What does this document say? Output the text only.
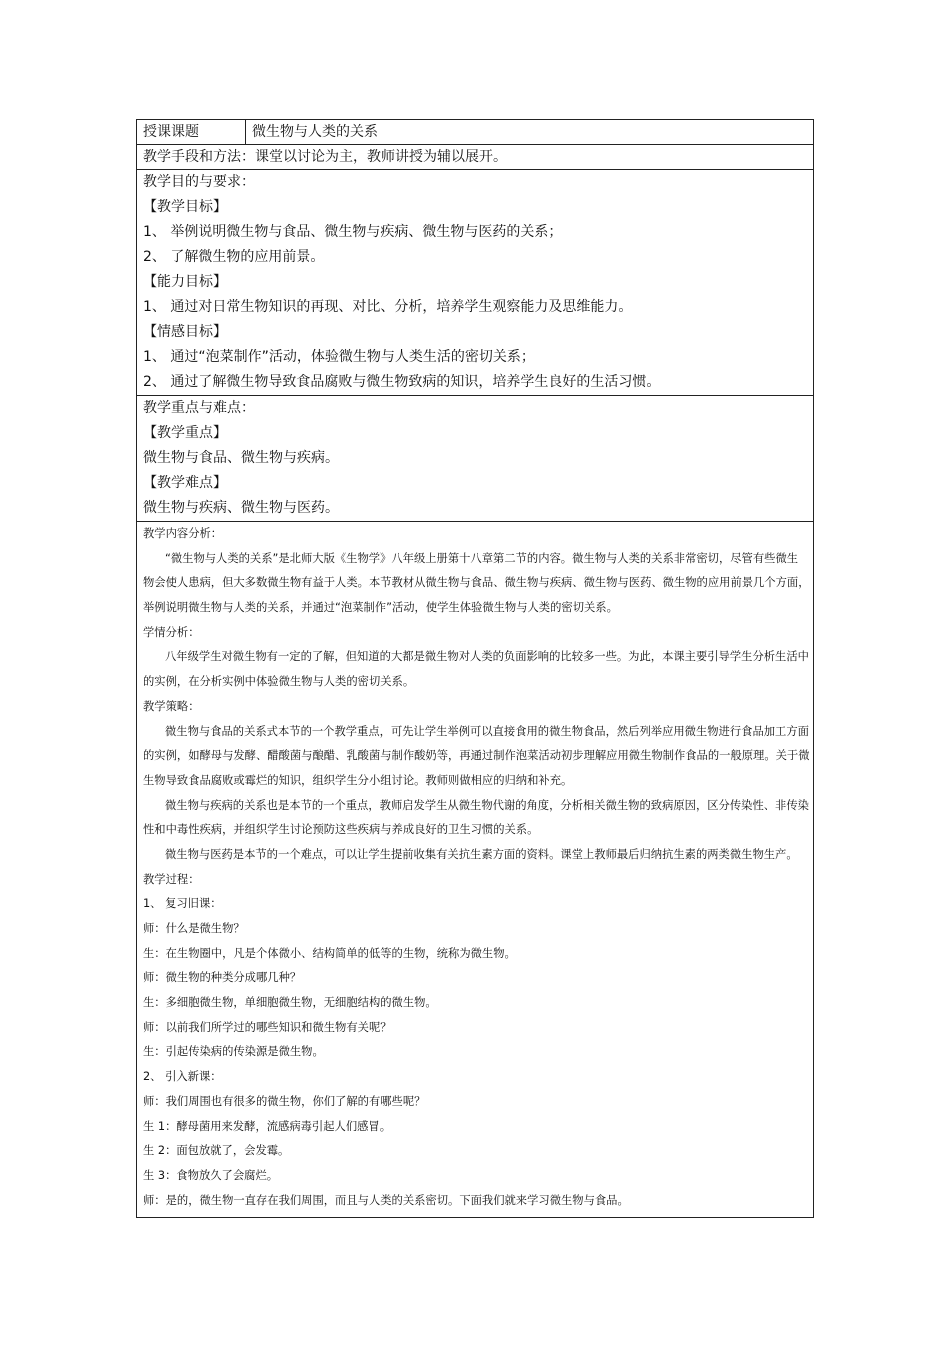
授课课题	微生物与人类的关系
教学手段和方法：课堂以讨论为主，教师讲授为辅以展开。

教学目的与要求：
【教学目标】
1、 举例说明微生物与食品、微生物与疾病、微生物与医药的关系；
2、 了解微生物的应用前景。
【能力目标】
1、 通过对日常生物知识的再现、对比、分析，培养学生观察能力及思维能力。
【情感目标】
1、 通过“泡菜制作”活动，体验微生物与人类生活的密切关系；
2、 通过了解微生物导致食品腐败与微生物致病的知识，培养学生良好的生活习惯。

教学重点与难点：
【教学重点】
微生物与食品、微生物与疾病。
【教学难点】
微生物与疾病、微生物与医药。

教学内容分析：
“微生物与人类的关系”是北师大版《生物学》八年级上册第十八章第二节的内容。微生物与人类的关系非常密切，尽管有些微生
物会使人患病，但大多数微生物有益于人类。本节教材从微生物与食品、微生物与疾病、微生物与医药、微生物的应用前景几个方面，
举例说明微生物与人类的关系，并通过“泡菜制作”活动，使学生体验微生物与人类的密切关系。
学情分析：
八年级学生对微生物有一定的了解，但知道的大都是微生物对人类的负面影响的比较多一些。为此，本课主要引导学生分析生活中
的实例，在分析实例中体验微生物与人类的密切关系。
教学策略：
微生物与食品的关系式本节的一个教学重点，可先让学生举例可以直接食用的微生物食品，然后列举应用微生物进行食品加工方面
的实例，如酵母与发酵、醋酸菌与酿醋、乳酸菌与制作酸奶等，再通过制作泡菜活动初步理解应用微生物制作食品的一般原理。关于微
生物导致食品腐败或霉烂的知识，组织学生分小组讨论。教师则做相应的归纳和补充。
微生物与疾病的关系也是本节的一个重点，教师启发学生从微生物代谢的角度，分析相关微生物的致病原因，区分传染性、非传染
性和中毒性疾病，并组织学生讨论预防这些疾病与养成良好的卫生习惯的关系。
微生物与医药是本节的一个难点，可以让学生提前收集有关抗生素方面的资料。课堂上教师最后归纳抗生素的两类微生物生产。
教学过程：
1、 复习旧课：
师：什么是微生物？
生：在生物圈中，凡是个体微小、结构简单的低等的生物，统称为微生物。
师：微生物的种类分成哪几种？
生：多细胞微生物，单细胞微生物，无细胞结构的微生物。
师：以前我们所学过的哪些知识和微生物有关呢？
生：引起传染病的传染源是微生物。
2、 引入新课：
师：我们周围也有很多的微生物，你们了解的有哪些呢？
生 1：酵母菌用来发酵，流感病毒引起人们感冒。
生 2：面包放就了，会发霉。
生 3：食物放久了会腐烂。
师：是的，微生物一直存在我们周围，而且与人类的关系密切。下面我们就来学习微生物与食品。
